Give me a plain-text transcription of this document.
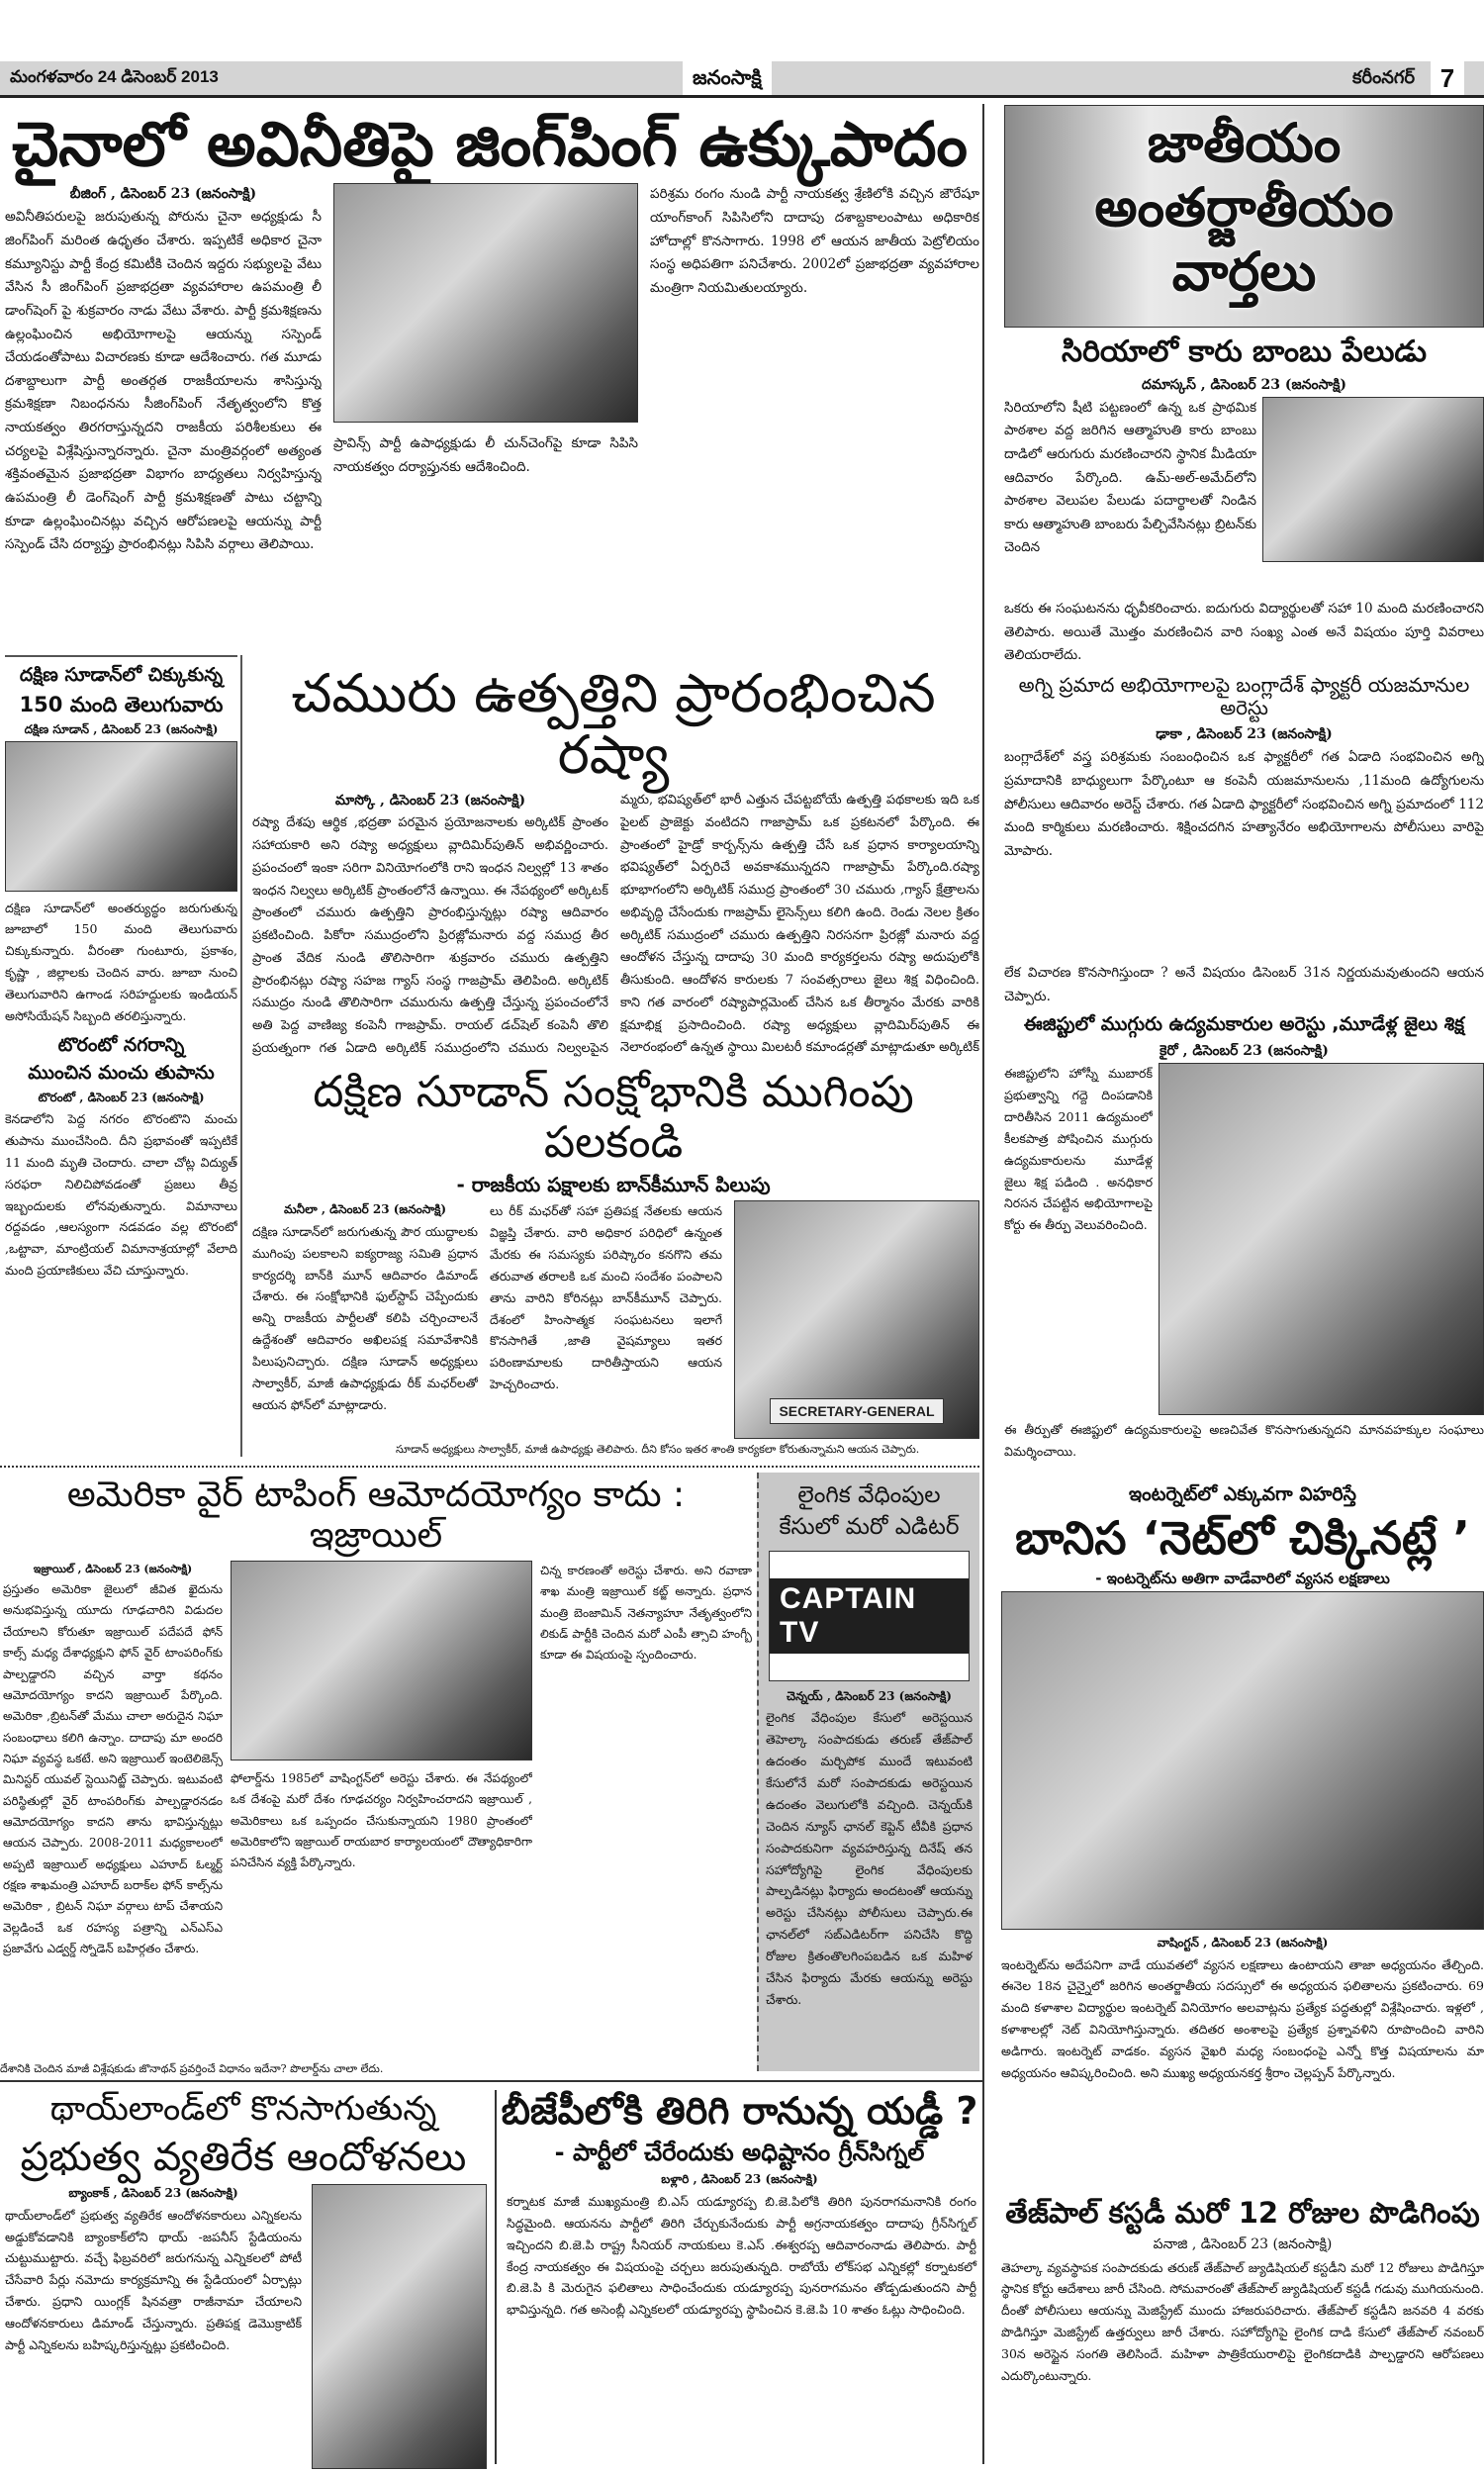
మంగళవారం 24 డిసెంబర్ 2013	జనంసాక్షి	కరీంనగర్ 7
చైనాలో అవినీతిపై జింగ్‌పింగ్ ఉక్కుపాదం
బీజింగ్ , డిసెంబర్ 23 (జనంసాక్షి)
అవినీతిపరులపై జరుపుతున్న పోరును చైనా అధ్యక్షుడు సీ జింగ్‌పింగ్ మరింత ఉధృతం చేశారు. ఇప్పటికే అధికార చైనా కమ్యూనిస్టు పార్టీ కేంద్ర కమిటీకి చెందిన ఇద్దరు సభ్యులపై వేటు వేసిన సీ జింగ్‌పింగ్ ప్రజాభద్రతా వ్యవహారాల ఉపమంత్రి లీ డాంగ్‌షెంగ్ పై శుక్రవారం నాడు వేటు వేశారు. పార్టీ క్రమశిక్షణను ఉల్లంఘించిన అభియోగాలపై ఆయన్ను సస్పెండ్ చేయడంతోపాటు విచారణకు కూడా ఆదేశించారు. గత మూడు దశాబ్దాలుగా పార్టీ అంతర్గత రాజకీయాలను శాసిస్తున్న క్రమశిక్షణా నిబంధనను సీజింగ్‌పింగ్ నేతృత్వంలోని కొత్త నాయకత్వం తిరగరాస్తున్నదని రాజకీయ పరిశీలకులు ఈ చర్యలపై విశ్లేషిస్తున్నారన్నారు. చైనా మంత్రివర్గంలో అత్యంత శక్తివంతమైన ప్రజాభద్రతా విభాగం బాధ్యతలు నిర్వహిస్తున్న ఉపమంత్రి లీ డెంగ్‌షెంగ్ పార్టీ క్రమశిక్షణతో పాటు చట్టాన్ని కూడా ఉల్లంఘించినట్లు వచ్చిన ఆరోపణలపై ఆయన్ను పార్టీ సస్పెండ్ చేసి దర్యాప్తు ప్రారంభినట్లు సిపిసి వర్గాలు తెలిపాయి.
ప్రావిన్స్ పార్టీ ఉపాధ్యక్షుడు లీ చున్‌చెంగ్‌పై కూడా సిపిసి నాయకత్వం దర్యాప్తునకు ఆదేశించింది.
పరిశ్రమ రంగం నుండి పార్టీ నాయకత్వ శ్రేణిలోకి వచ్చిన జౌరేషూ యాంగ్‌కాంగ్ సిపిసిలోని దాదాపు దశాబ్దకాలంపాటు అధికారిక హోదాల్లో కొనసాగారు. 1998 లో ఆయన జాతీయ పెట్రోలియం సంస్థ అధిపతిగా పనిచేశారు. 2002లో ప్రజాభద్రతా వ్యవహారాల మంత్రిగా నియమితులయ్యారు.
జాతీయం
అంతర్జాతీయం
వార్తలు
సిరియాలో కారు బాంబు పేలుడు
దమాస్కస్ , డిసెంబర్ 23 (జనంసాక్షి)
సిరియాలోని షీటి పట్టణంలో ఉన్న ఒక ప్రాథమిక పాఠశాల వద్ద జరిగిన ఆత్మాహుతి కారు బాంబు దాడిలో ఆరుగురు మరణించారని స్థానిక మీడియా ఆదివారం పేర్కొంది. ఉమ్-అల్-అమేద్‌లోని పాఠశాల వెలుపల పేలుడు పదార్థాలతో నిండిన కారు ఆత్మాహుతి బాంబరు పేల్చివేసినట్లు బ్రిటన్‌కు చెందిన
ఒకరు ఈ సంఘటనను ధృవీకరించారు. ఐదుగురు విద్యార్థులతో సహా 10 మంది మరణించారని తెలిపారు. అయితే మొత్తం మరణించిన వారి సంఖ్య ఎంత అనే విషయం పూర్తి వివరాలు తెలియరాలేదు.
అగ్ని ప్రమాద అభియోగాలపై బంగ్లాదేశ్ ఫ్యాక్టరీ యజమానుల అరెస్టు
ఢాకా , డిసెంబర్ 23 (జనంసాక్షి)
బంగ్లాదేశ్‌లో వస్త్ర పరిశ్రమకు సంబంధించిన ఒక ఫ్యాక్టరీలో గత ఏడాది సంభవించిన అగ్ని ప్రమాదానికి బాధ్యులుగా పేర్కొంటూ ఆ కంపెనీ యజమానులను ,11మంది ఉద్యోగులను పోలీసులు ఆదివారం అరెస్ట్ చేశారు. గత ఏడాది ఫ్యాక్టరీలో సంభవించిన అగ్ని ప్రమాదంలో 112 మంది కార్మికులు మరణించారు. శిక్షించదగిన హత్యానేరం అభియోగాలను పోలీసులు వారిపై మోపారు.
లేక విచారణ కొనసాగిస్తుందా ? అనే విషయం డిసెంబర్ 31న నిర్ణయమవుతుందని ఆయన చెప్పారు.
ఈజిప్టులో ముగ్గురు ఉద్యమకారుల అరెస్టు ,మూడేళ్ల జైలు శిక్ష
కైరో , డిసెంబర్ 23 (జనంసాక్షి)
ఈజిప్టులోని హోస్నీ ముబారక్ ప్రభుత్వాన్ని గద్దె దింపడానికి దారితీసిన 2011 ఉద్యమంలో కీలకపాత్ర పోషించిన ముగ్గురు ఉద్యమకారులను మూడేళ్ల జైలు శిక్ష పడింది . అనధికార నిరసన చేపట్టిన అభియోగాలపై కోర్టు ఈ తీర్పు వెలువరించింది.
ఈ తీర్పుతో ఈజిప్టులో ఉద్యమకారులపై అణచివేత కొనసాగుతున్నదని మానవహక్కుల సంఘాలు విమర్శించాయి.
దక్షిణ సూడాన్‌లో చిక్కుకున్న
150 మంది తెలుగువారు
దక్షిణ సూడాన్ , డిసెంబర్ 23 (జనంసాక్షి)
దక్షిణ సూడాన్‌లో అంతర్యుద్ధం జరుగుతున్న జూబాలో 150 మంది తెలుగువారు చిక్కుకున్నారు. వీరంతా గుంటూరు, ప్రకాశం, కృష్ణా , జిల్లాలకు చెందిన వారు. జూబా నుంచి తెలుగువారిని ఉగాండ సరిహద్దులకు ఇండియన్ అసోసియేషన్ సిబ్బంది తరలిస్తున్నారు.
టొరంటో నగరాన్ని
ముంచిన మంచు తుపాను
టొరంటో , డిసెంబర్ 23 (జనంసాక్షి)
కెనడాలోని పెద్ద నగరం టొరంటొని మంచు తుపాను ముంచేసింది. దీని ప్రభావంతో ఇప్పటికే 11 మంది మృతి చెందారు. చాలా చోట్ల విద్యుత్ సరఫరా నిలిచిపోవడంతో ప్రజలు తీవ్ర ఇబ్బందులకు లోనవుతున్నారు. విమానాలు రద్దవడం ,ఆలస్యంగా నడవడం వల్ల టొరంటో ,ఒట్టావా, మాంట్రియల్ విమానాశ్రయాల్లో వేలాది మంది ప్రయాణికులు వేచి చూస్తున్నారు.
చమురు ఉత్పత్తిని ప్రారంభించిన రష్యా
మాస్కో , డిసెంబర్ 23 (జనంసాక్షి)
రష్యా దేశపు ఆర్థిక ,భద్రతా పరమైన ప్రయోజనాలకు అర్కిటిక్ ప్రాంతం సహాయకారి అని రష్యా అధ్యక్షులు వ్లాదిమిర్‌పుతిన్ అభివర్ణించారు. ప్రపంచంలో ఇంకా సరిగా వినియోగంలోకి రాని ఇంధన నిల్వల్లో 13 శాతం ఇంధన నిల్వలు అర్కిటిక్ ప్రాంతంలోనే ఉన్నాయి. ఈ నేపథ్యంలో అర్కిటక్ ప్రాంతంలో చమురు ఉత్పత్తిని ప్రారంభిస్తున్నట్లు రష్యా ఆదివారం ప్రకటించింది. పికోరా సముద్రంలోని ప్రిరజ్లోమనారు వద్ద సముద్ర తీర ప్రాంత వేదిక నుండి తొలిసారిగా శుక్రవారం చమురు ఉత్పత్తిని ప్రారంభినట్లు రష్యా సహజ గ్యాస్ సంస్థ గాజప్రామ్ తెలిపింది. అర్కిటిక్ సముద్రం నుండి తొలిసారిగా చమురును ఉత్పత్తి చేస్తున్న ప్రపంచంలోనే అతి పెద్ద వాణిజ్య కంపెనీ గాజప్రామ్. రాయల్ డచ్‌షెల్ కంపెనీ తొలి ప్రయత్నంగా గత ఏడాది అర్కిటిక్ సముద్రంలోని చమురు నిల్వలపైన
మ్మరు, భవిష్యత్‌లో భారీ ఎత్తున చేపట్టబోయే ఉత్పత్తి పథకాలకు ఇది ఒక పైలట్ ప్రాజెక్టు వంటిదని గాజాప్రామ్ ఒక ప్రకటనలో పేర్కొంది. ఈ ప్రాంతంలో హైడ్రో కార్బన్స్‌ను ఉత్పత్తి చేసే ఒక ప్రధాన కార్యాలయాన్ని భవిష్యత్‌లో ఏర్పరిచే అవకాశమున్నదని గాజాప్రామ్ పేర్కొంది.రష్యా భూభాగంలోని అర్కిటిక్ సముద్ర ప్రాంతంలో 30 చమురు ,గ్యాస్ క్షేత్రాలను అభివృద్ధి చేసేందుకు గాజప్రామ్ లైసెన్స్‌లు కలిగి ఉంది. రెండు నెలల క్రితం అర్కిటిక్ సముద్రంలో చమురు ఉత్పత్తిని నిరసనగా ప్రిరజ్లో మనారు వద్ద ఆందోళన చేస్తున్న దాదాపు 30 మంది కార్యకర్తలను రష్యా అదుపులోకి తీసుకుంది. ఆందోళన కారులకు 7 సంవత్సరాలు జైలు శిక్ష విధించింది. కాని గత వారంలో రష్యాపార్లమెంట్ చేసిన ఒక తీర్మానం మేరకు వారికి క్షమాభిక్ష ప్రసాదించింది. రష్యా అధ్యక్షులు వ్లాదిమిర్‌పుతిన్ ఈ నెలారంభంలో ఉన్నత స్థాయి మిలటరీ కమాండర్లతో మాట్లాడుతూ అర్కిటిక్
దక్షిణ సూడాన్ సంక్షోభానికి ముగింపు పలకండి
- రాజకీయ పక్షాలకు బాన్‌కీమూన్ పిలుపు
మనీలా , డిసెంబర్ 23 (జనంసాక్షి)
దక్షిణ సూడాన్‌లో జరుగుతున్న పౌర యుద్ధాలకు ముగింపు పలకాలని ఐక్యరాజ్య సమితి ప్రధాన కార్యదర్శి బాన్‌కి మూన్ ఆదివారం డిమాండ్ చేశారు. ఈ సంక్షోభానికి ఫుల్‌స్టాప్ చెప్పేందుకు అన్ని రాజకీయ పార్టీలతో కలిపి చర్చించాలనే ఉద్దేశంతో ఆదివారం అఖిలపక్ష సమావేశానికి పిలుపునిచ్చారు. దక్షిణ సూడాన్ అధ్యక్షులు సాల్వాకీర్, మాజీ ఉపాధ్యక్షుడు రీక్ మఛర్‌లతో ఆయన ఫోన్‌లో మాట్లాడారు.
లు రీక్ మఛర్‌తో సహా ప్రతిపక్ష నేతలకు ఆయన విజ్ఞప్తి చేశారు. వారి అధికార పరిధిలో ఉన్నంత మేరకు ఈ సమస్యకు పరిష్కారం కనగొని తమ తరువాత తరాలకి ఒక మంచి సందేశం పంపాలని తాను వారిని కోరినట్లు బాన్‌కీమూన్ చెప్పారు. దేశంలో హింసాత్మక సంఘటనలు ఇలాగే కొనసాగితే ,జాతి వైషమ్యాలు ఇతర పరింణామాలకు దారితీస్తాయని ఆయన హెచ్చరించారు.
SECRETARY-GENERAL
సూడాన్ అధ్యక్షులు సాల్వాకీర్, మాజీ ఉపాధ్యక్షు తెలిపారు. దీని కోసం ఇతర శాంతి కార్యకలా కోరుతున్నామని ఆయన చెప్పారు.
అమెరికా వైర్ టాపింగ్ ఆమోదయోగ్యం కాదు : ఇజ్రాయిల్
ఇజ్రాయిల్ , డిసెంబర్ 23 (జనంసాక్షి)
ప్రస్తుతం అమెరికా జైలులో జీవిత ఖైదును అనుభవిస్తున్న యూదు గూఢచారిని విడుదల చేయాలని కోరుతూ ఇజ్రాయిల్ పదేపదే ఫోన్ కాల్స్ మధ్య దేశాధ్యక్షుని ఫోన్ వైర్ టాంపరింగ్‌కు పాల్పడ్డారని వచ్చిన వార్తా కథనం ఆమోదయోగ్యం కాదని ఇజ్రాయిల్ పేర్కొంది. అమెరికా ,బ్రిటన్‌తో మేము చాలా అరుదైన నిఘా సంబంధాలు కలిగి ఉన్నాం. దాదాపు మా అందరి నిఘా వ్యవస్థ ఒకటే. అని ఇజ్రాయిల్ ఇంటెలిజెన్స్ మినిస్టర్ యువల్ స్టెయినిట్జ్ చెప్పారు. ఇటువంటి పరిస్థితుల్లో వైర్ టాంపరింగ్‌కు పాల్పడ్డారనడం ఆమోదయోగ్యం కాదని తాను భావిస్తున్నట్లు ఆయన చెప్పారు. 2008-2011 మధ్యకాలంలో అప్పటి ఇజ్రాయిల్ అధ్యక్షులు ఎహూద్ ఓల్మర్ట్ రక్షణ శాఖమంత్రి ఎహూద్ బరాక్‌ల ఫోన్ కాల్స్‌ను అమెరికా , బ్రిటన్ నిఘా వర్గాలు టాప్ చేశాయని వెల్లడించే ఒక రహస్య పత్రాన్ని ఎన్ఎస్ఎ ప్రజావేగు ఎడ్వర్డ్ స్నోడెన్ బహిర్గతం చేశారు.
ఫోలార్డ్‌ను 1985లో వాషింగ్టన్‌లో అరెస్టు చేశారు. ఈ నేపథ్యంలో ఒక దేశంపై మరో దేశం గూఢచర్యం నిర్వహించరాదని ఇజ్రాయిల్ , అమెరికాలు ఒక ఒప్పందం చేసుకున్నాయని 1980 ప్రాంతంలో అమెరికాలోని ఇజ్రాయిల్ రాయబార కార్యాలయంలో దౌత్యాధికారిగా పనిచేసిన వ్యక్తి పేర్కొన్నారు.
చిన్న కారణంతో అరెస్టు చేశారు. అని రవాణా శాఖ మంత్రి ఇజ్రాయిల్ కట్జ్ అన్నారు. ప్రధాన మంత్రి బెంజామిన్ నెతన్యాహూ నేతృత్వంలోని లికుడ్ పార్టీకి చెందిన మరో ఎంపీ త్సాచి హంగ్బీ కూడా ఈ విషయంపై స్పందించారు.
దేశానికి చెందిన మాజీ విశ్లేషకుడు జొనాథన్ ప్రవర్తించే విధానం ఇదేనా? పొలార్డ్‌ను చాలా లేదు.
లైంగిక వేధింపుల
కేసులో మరో ఎడిటర్
CAPTAIN TV
చెన్నయ్ , డిసెంబర్ 23 (జనంసాక్షి)
లైంగిక వేధింపుల కేసులో అరెస్టయిన తెహెల్కా సంపాదకుడు తరుణ్ తేజ్‌పాల్ ఉదంతం మర్చిపోక ముందే ఇటువంటి కేసులోనే మరో సంపాదకుడు అరెస్టయిన ఉదంతం వెలుగులోకి వచ్చింది. చెన్నయ్‌కి చెందిన న్యూస్ ఛానల్ కెప్టెన్ టీవీకి ప్రధాన సంపాదకునిగా వ్యవహరిస్తున్న దినేష్ తన సహోద్యోగిపై లైంగిక వేధింపులకు పాల్పడినట్లు ఫిర్యాదు అందటంతో ఆయన్ను అరెస్టు చేసినట్లు పోలీసులు చెప్పారు.ఈ ఛానల్‌లో సబ్‌ఎడిటర్‌గా పనిచేసి కొద్ది రోజుల క్రితంతొలగింపబడిన ఒక మహిళ చేసిన ఫిర్యాదు మేరకు ఆయన్ను అరెస్టు చేశారు.
ఇంటర్నెట్‌లో ఎక్కువగా విహరిస్తే
బానిస ‘నెట్‌లో చిక్కినట్లే ’
- ఇంటర్నెట్‌ను అతిగా వాడేవారిలో వ్యసన లక్షణాలు
వాషింగ్టన్ , డిసెంబర్ 23 (జనంసాక్షి)
ఇంటర్నెట్‌ను అదేపనిగా వాడే యువతలో వ్యసన లక్షణాలు ఉంటాయని తాజా అధ్యయనం తేల్చింది. ఈనెల 18న చైన్నైలో జరిగిన అంతర్జాతీయ సదస్సులో ఈ అధ్యయన ఫలితాలను ప్రకటించారు. 69 మంది కళాశాల విద్యార్థుల ఇంటర్నెట్ వినియోగం అలవాట్లను ప్రత్యేక పద్ధతుల్లో విశ్లేషించారు. ఇళ్లలో , కళాశాలల్లో నెట్ వినియోగిస్తున్నారు. తదితర అంశాలపై ప్రత్యేక ప్రశ్నావళిని రూపొందించి వారిని అడిగారు. ఇంటర్నెట్ వాడకం. వ్యసన వైఖరి మధ్య సంబంధంపై ఎన్నో కొత్త విషయాలను మా అధ్యయనం ఆవిష్కరించింది. అని ముఖ్య అధ్యయనకర్త శ్రీరాం చెల్లప్పన్ పేర్కొన్నారు.
తేజ్‌పాల్ కస్టడీ మరో 12 రోజుల పొడిగింపు
పనాజి , డిసెంబర్ 23 (జనంసాక్షి)
తెహల్కా వ్యవస్థాపక సంపాదకుడు తరుణ్ తేజ్‌పాల్ జ్యుడిషియల్ కస్టడీని మరో 12 రోజులు పొడిగిస్తూ స్థానిక కోర్టు ఆదేశాలు జారీ చేసింది. సోమవారంతో తేజ్‌పాల్ జ్యుడిషియల్ కస్టడీ గడువు ముగియనుంది. దీంతో పోలీసులు ఆయన్ను మెజిస్ట్రేట్ ముందు హాజరుపరిచారు. తేజ్‌పాల్ కస్టడీని జనవరి 4 వరకు పొడిగిస్తూ మెజిస్ట్రేట్ ఉత్తర్వులు జారీ చేశారు. సహోద్యోగిపై లైంగిక దాడి కేసులో తేజ్‌పాల్ నవంబర్ 30న అరెస్టైన సంగతి తెలిసిందే. మహిళా పాత్రికేయురాలిపై లైంగికదాడికి పాల్పడ్డారని ఆరోపణలు ఎదుర్కొంటున్నారు.
థాయ్‌లాండ్‌లో కొనసాగుతున్న
ప్రభుత్వ వ్యతిరేక ఆందోళనలు
బ్యాంకాక్ , డిసెంబర్ 23 (జనంసాక్షి)
థాయ్‌లాండ్‌లో ప్రభుత్వ వ్యతిరేక ఆందోళనకారులు ఎన్నికలను అడ్డుకోవడానికి బ్యాంకాక్‌లోని థాయ్ -జపనీస్ స్టేడియంను చుట్టుముట్టారు. వచ్చే ఫిబ్రవరిలో జరుగనున్న ఎన్నికలలో పోటీ చేసేవారి పేర్లు నమోదు కార్యక్రమాన్ని ఈ స్టేడియంలో ఏర్పాట్లు చేశారు. ప్రధాని యింగ్లక్ షినవత్రా రాజీనామా చేయాలని ఆందోళనకారులు డిమాండ్ చేస్తున్నారు. ప్రతిపక్ష డెమొక్రాటిక్ పార్టీ ఎన్నికలను బహిష్కరిస్తున్నట్లు ప్రకటించింది.
బీజేపీలోకి తిరిగి రానున్న యడ్డీ ?
- పార్టీలో చేరేందుకు అధిష్టానం గ్రీన్‌సిగ్నల్
బళ్లారి , డిసెంబర్ 23 (జనంసాక్షి)
కర్నాటక మాజీ ముఖ్యమంత్రి బి.ఎస్ యడ్యూరప్ప బి.జె.పిలోకి తిరిగి పునరాగమనానికి రంగం సిద్ధమైంది. ఆయనను పార్టీలో తిరిగి చేర్చుకునేందుకు పార్టీ అగ్రనాయకత్వం దాదాపు గ్రీన్‌సిగ్నల్ ఇచ్చిందని బి.జె.పి రాష్ట్ర సీనియర్ నాయకులు కె.ఎస్ .ఈశ్వరప్ప ఆదివారంనాడు తెలిపారు. పార్టీ కేంద్ర నాయకత్వం ఈ విషయంపై చర్చలు జరుపుతున్నది. రాబోయే లోక్‌సభ ఎన్నికల్లో కర్నాటకలో బి.జె.పి కి మెరుగైన ఫలితాలు సాధించేందుకు యడ్యూరప్ప పునరాగమనం తోడ్పడుతుందని పార్టీ భావిస్తున్నది. గత అసెంబ్లీ ఎన్నికలలో యడ్యూరప్ప స్థాపించిన కె.జె.పి 10 శాతం ఓట్లు సాధించింది.
